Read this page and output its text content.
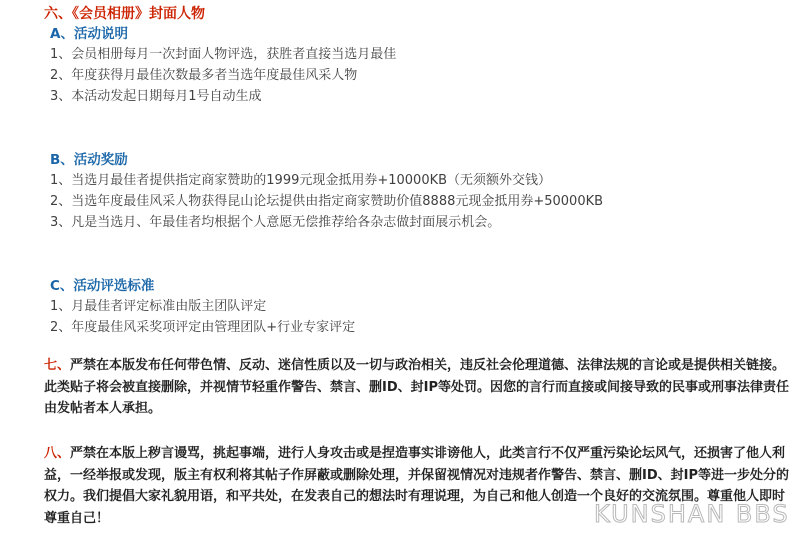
六、《会员相册》封面人物
A、活动说明
1、会员相册每月一次封面人物评选，获胜者直接当选月最佳
2、年度获得月最佳次数最多者当选年度最佳风采人物
3、本活动发起日期每月1号自动生成
B、活动奖励
1、当选月最佳者提供指定商家赞助的1999元现金抵用券+10000KB（无须额外交钱）
2、当选年度最佳风采人物获得昆山论坛提供由指定商家赞助价值8888元现金抵用券+50000KB
3、凡是当选月、年最佳者均根据个人意愿无偿推荐给各杂志做封面展示机会。
C、活动评选标准
1、月最佳者评定标准由版主团队评定
2、年度最佳风采奖项评定由管理团队+行业专家评定
七、严禁在本版发布任何带色情、反动、迷信性质以及一切与政治相关，违反社会伦理道德、法律法规的言论或是提供相关链接。此类贴子将会被直接删除，并视情节轻重作警告、禁言、删ID、封IP等处罚。因您的言行而直接或间接导致的民事或刑事法律责任由发帖者本人承担。
八、严禁在本版上秽言谩骂，挑起事端，进行人身攻击或是捏造事实诽谤他人，此类言行不仅严重污染论坛风气，还损害了他人利益，一经举报或发现，版主有权利将其帖子作屏蔽或删除处理，并保留视情况对违规者作警告、禁言、删ID、封IP等进一步处分的权力。我们提倡大家礼貌用语，和平共处，在发表自己的想法时有理说理，为自己和他人创造一个良好的交流氛围。尊重他人即时尊重自己！	KUNSHAN BBS
